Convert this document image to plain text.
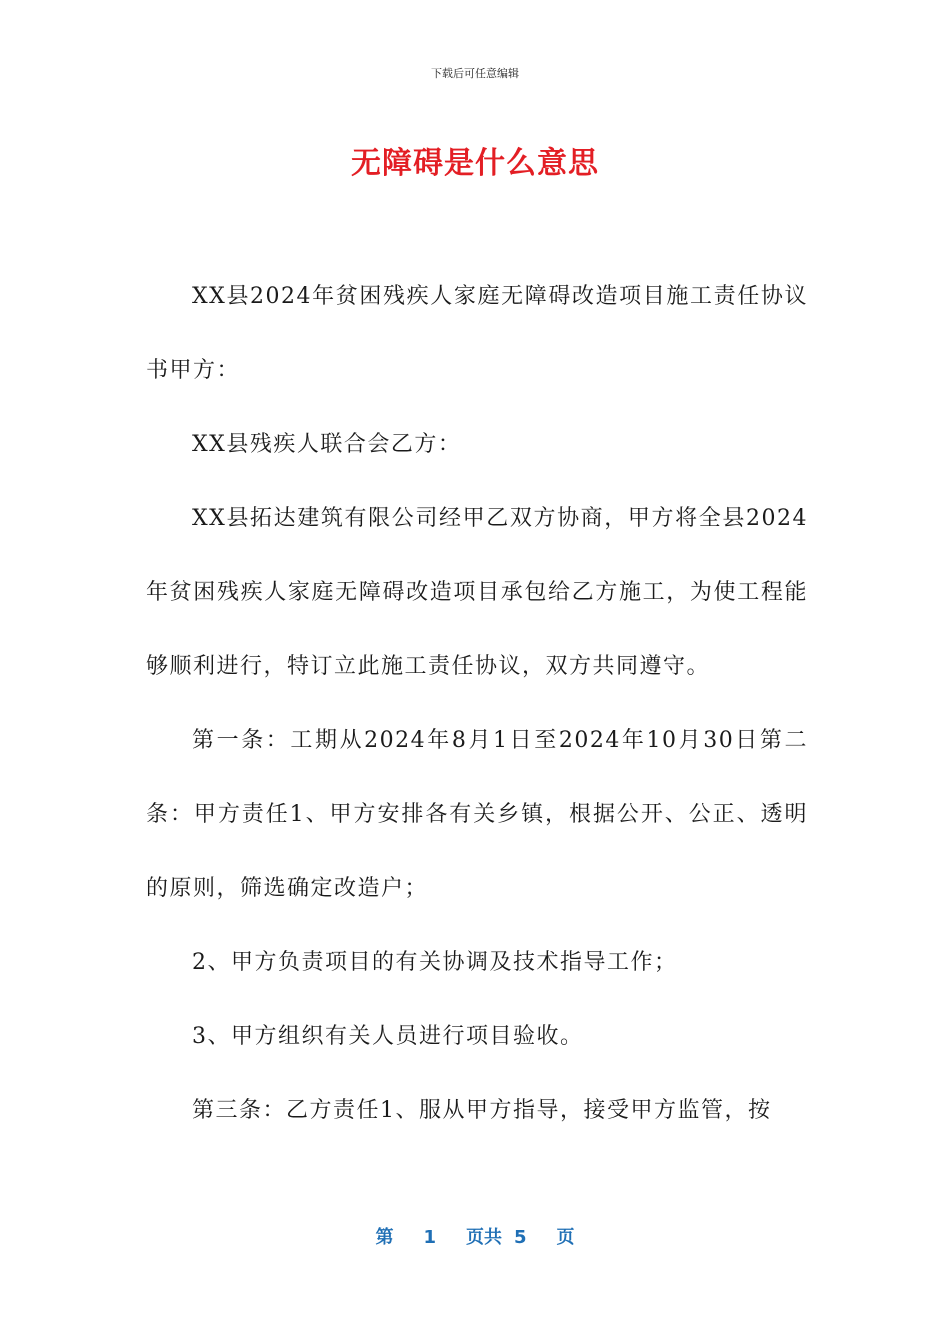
下载后可任意编辑
无障碍是什么意思

XX县2024年贫困残疾人家庭无障碍改造项目施工责任协议书甲方：

XX县残疾人联合会乙方：

XX县拓达建筑有限公司经甲乙双方协商，甲方将全县2024年贫困残疾人家庭无障碍改造项目承包给乙方施工，为使工程能够顺利进行，特订立此施工责任协议，双方共同遵守。

第一条：工期从2024年8月1日至2024年10月30日第二条：甲方责任1、甲方安排各有关乡镇，根据公开、公正、透明的原则，筛选确定改造户；

2、甲方负责项目的有关协调及技术指导工作；

3、甲方组织有关人员进行项目验收。

第三条：乙方责任1、服从甲方指导，接受甲方监管，按

第 1 页共 5 页
